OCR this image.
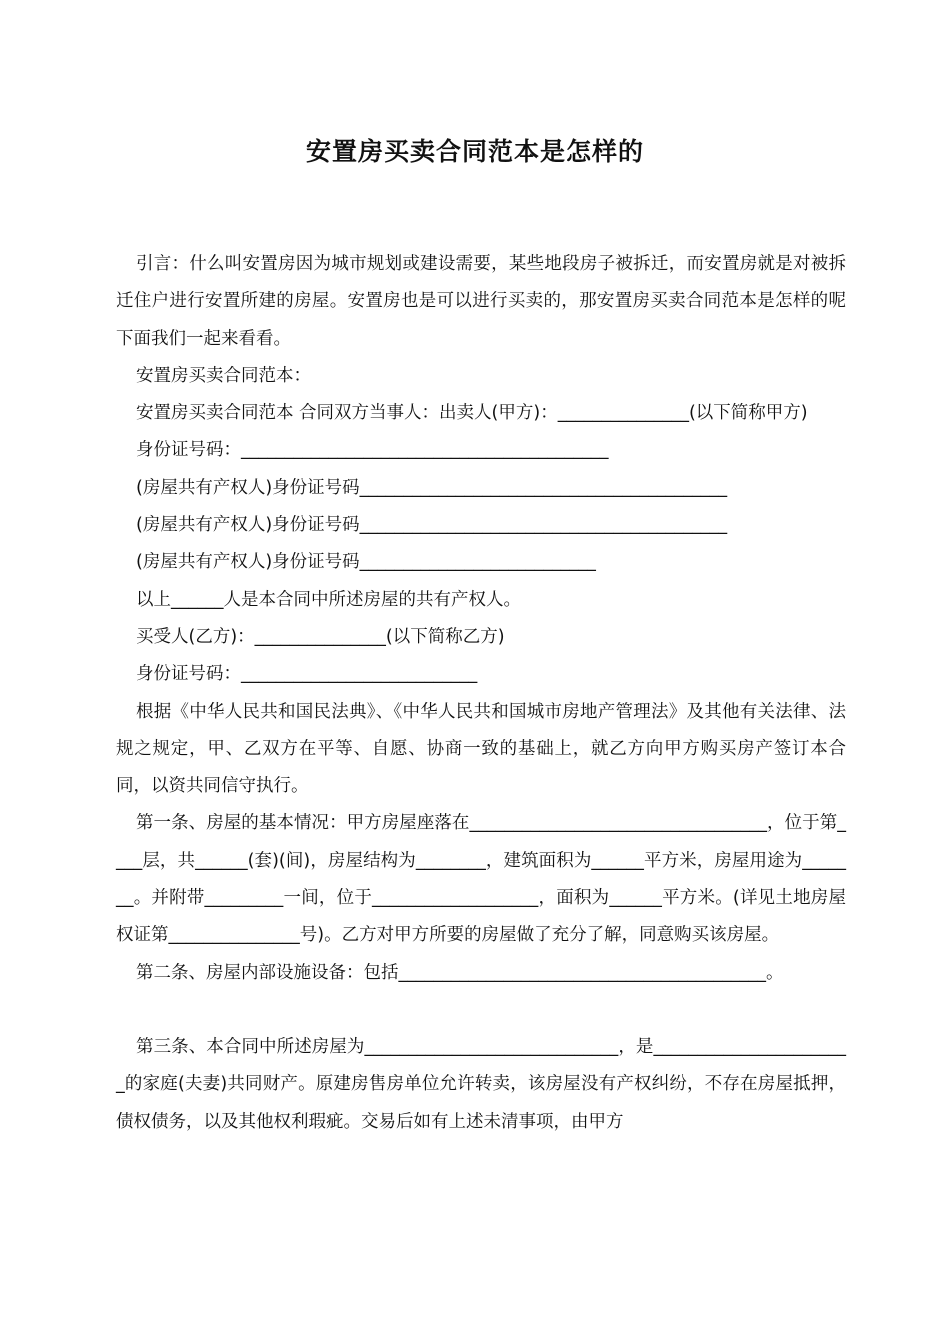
安置房买卖合同范本是怎样的

引言：什么叫安置房因为城市规划或建设需要，某些地段房子被拆迁，而安置房就是对被拆迁住户进行安置所建的房屋。安置房也是可以进行买卖的，那安置房买卖合同范本是怎样的呢下面我们一起来看看。

安置房买卖合同范本：

安置房买卖合同范本 合同双方当事人：出卖人(甲方)：_______________(以下简称甲方)

身份证号码：__________________________________________

(房屋共有产权人)身份证号码__________________________________________

(房屋共有产权人)身份证号码__________________________________________

(房屋共有产权人)身份证号码___________________________

以上______人是本合同中所述房屋的共有产权人。

买受人(乙方)：_______________(以下简称乙方)

身份证号码：___________________________

根据《中华人民共和国民法典》、《中华人民共和国城市房地产管理法》及其他有关法律、法规之规定，甲、乙双方在平等、自愿、协商一致的基础上，就乙方向甲方购买房产签订本合同，以资共同信守执行。

第一条、房屋的基本情况：甲方房屋座落在__________________________________，位于第____层，共______(套)(间)，房屋结构为________，建筑面积为______平方米，房屋用途为_______。并附带_________一间，位于___________________，面积为______平方米。(详见土地房屋权证第_______________号)。乙方对甲方所要的房屋做了充分了解，同意购买该房屋。

第二条、房屋内部设施设备：包括__________________________________________。

第三条、本合同中所述房屋为_____________________________，是_______________________的家庭(夫妻)共同财产。原建房售房单位允许转卖，该房屋没有产权纠纷，不存在房屋抵押，债权债务，以及其他权利瑕疵。交易后如有上述未清事项，由甲方
